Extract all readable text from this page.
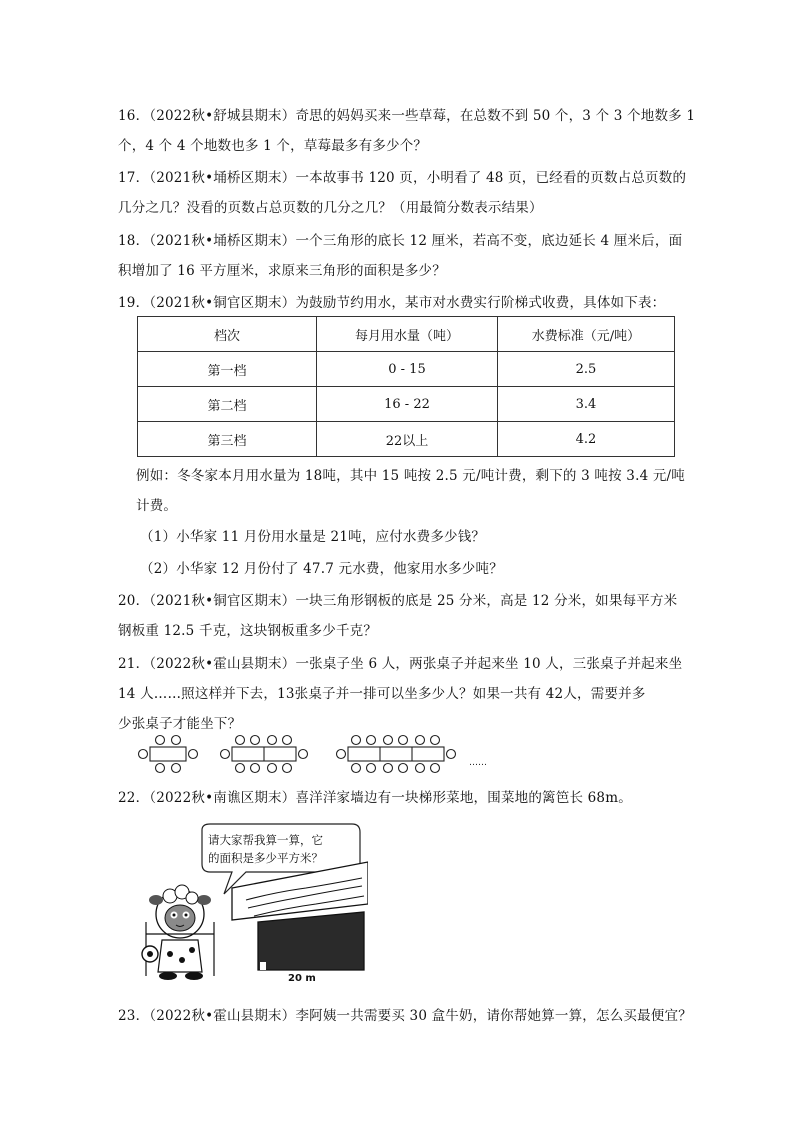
16．（2022秋•舒城县期末）奇思的妈妈买来一些草莓，在总数不到 50 个，3 个 3 个地数多 1
个，4 个 4 个地数也多 1 个，草莓最多有多少个？
17．（2021秋•埇桥区期末）一本故事书 120 页，小明看了 48 页，已经看的页数占总页数的
几分之几？没看的页数占总页数的几分之几？（用最简分数表示结果）
18．（2021秋•埇桥区期末）一个三角形的底长 12 厘米，若高不变，底边延长 4 厘米后，面
积增加了 16 平方厘米，求原来三角形的面积是多少？
19．（2021秋•铜官区期末）为鼓励节约用水，某市对水费实行阶梯式收费，具体如下表：
档次	每月用水量（吨）	水费标准（元/吨）
第一档	0 - 15	2.5
第二档	16 - 22	3.4
第三档	22以上	4.2
例如：冬冬家本月用水量为 18吨，其中 15 吨按 2.5 元/吨计费，剩下的 3 吨按 3.4 元/吨
计费。
（1）小华家 11 月份用水量是 21吨，应付水费多少钱？
（2）小华家 12 月份付了 47.7 元水费，他家用水多少吨？
20．（2021秋•铜官区期末）一块三角形钢板的底是 25 分米，高是 12 分米，如果每平方米
钢板重 12.5 千克，这块钢板重多少千克？
21．（2022秋•霍山县期末）一张桌子坐 6 人，两张桌子并起来坐 10 人，三张桌子并起来坐
14 人……照这样并下去，13张桌子并一排可以坐多少人？如果一共有 42人，需要并多
少张桌子才能坐下？
……
22．（2022秋•南谯区期末）喜洋洋家墙边有一块梯形菜地，围菜地的篱笆长 68m。
请大家帮我算一算，它
的面积是多少平方米？
20 m
23．（2022秋•霍山县期末）李阿姨一共需要买 30 盒牛奶，请你帮她算一算，怎么买最便宜？
